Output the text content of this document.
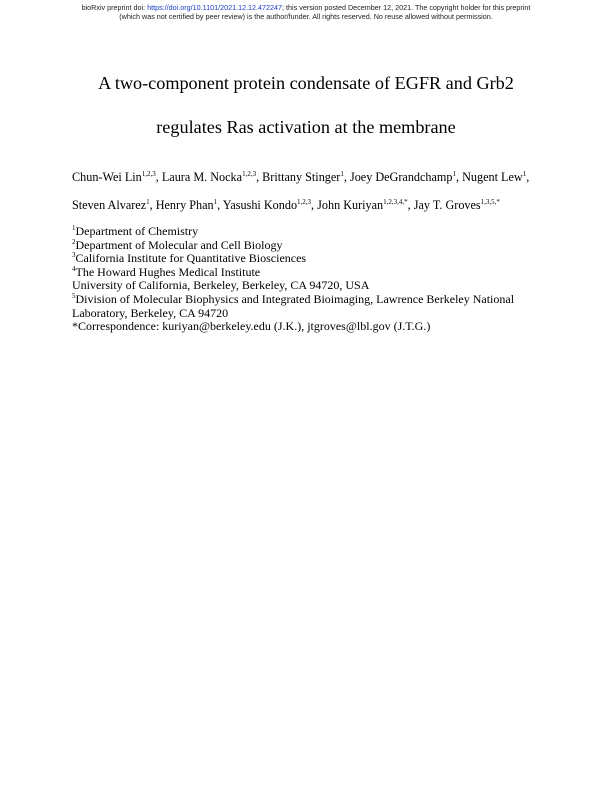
bioRxiv preprint doi: https://doi.org/10.1101/2021.12.12.472247; this version posted December 12, 2021. The copyright holder for this preprint
(which was not certified by peer review) is the author/funder. All rights reserved. No reuse allowed without permission.
A two-component protein condensate of EGFR and Grb2
regulates Ras activation at the membrane
Chun-Wei Lin$^{1,2,3}$, Laura M. Nocka$^{1,2,3}$, Brittany Stinger$^1$, Joey DeGrandchamp$^1$, Nugent Lew$^1$,
Steven Alvarez$^1$, Henry Phan$^1$, Yasushi Kondo$^{1,2,3}$, John Kuriyan$^{1,2,3,4,*}$, Jay T. Groves$^{1,3,5,*}$
$^1$Department of Chemistry
$^2$Department of Molecular and Cell Biology
$^3$California Institute for Quantitative Biosciences
$^4$The Howard Hughes Medical Institute
University of California, Berkeley, Berkeley, CA 94720, USA
$^5$Division of Molecular Biophysics and Integrated Bioimaging, Lawrence Berkeley National
Laboratory, Berkeley, CA 94720
*Correspondence: kuriyan@berkeley.edu (J.K.), jtgroves@lbl.gov (J.T.G.)
